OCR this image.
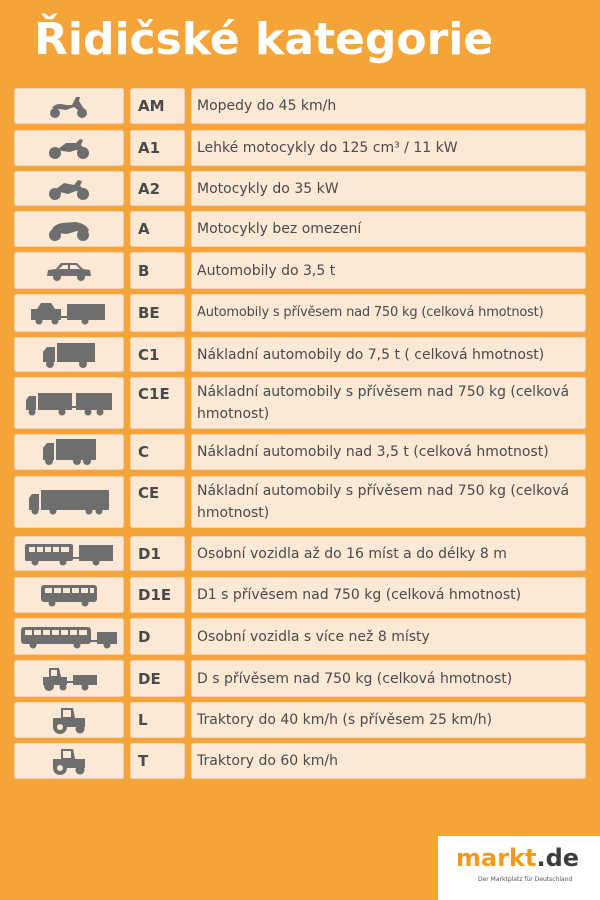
Řidičské kategorie
AM	Mopedy do 45 km/h
A1	Lehké motocykly do 125 cm³ / 11 kW
A2	Motocykly do 35 kW
A	Motocykly bez omezení
B	Automobily do 3,5 t
BE	Automobily s přívěsem nad 750 kg (celková hmotnost)
C1	Nákladní automobily do 7,5 t ( celková hmotnost)
C1E	Nákladní automobily s přívěsem nad 750 kg (celková hmotnost)
C	Nákladní automobily nad 3,5 t (celková hmotnost)
CE	Nákladní automobily s přívěsem nad 750 kg (celková hmotnost)
D1	Osobní vozidla až do 16 míst a do délky 8 m
D1E	D1 s přívěsem nad 750 kg (celková hmotnost)
D	Osobní vozidla s více než 8 místy
DE	D s přívěsem nad 750 kg (celková hmotnost)
L	Traktory do 40 km/h (s přívěsem 25 km/h)
T	Traktory do 60 km/h
markt.de
Der Marktplatz für Deutschland
